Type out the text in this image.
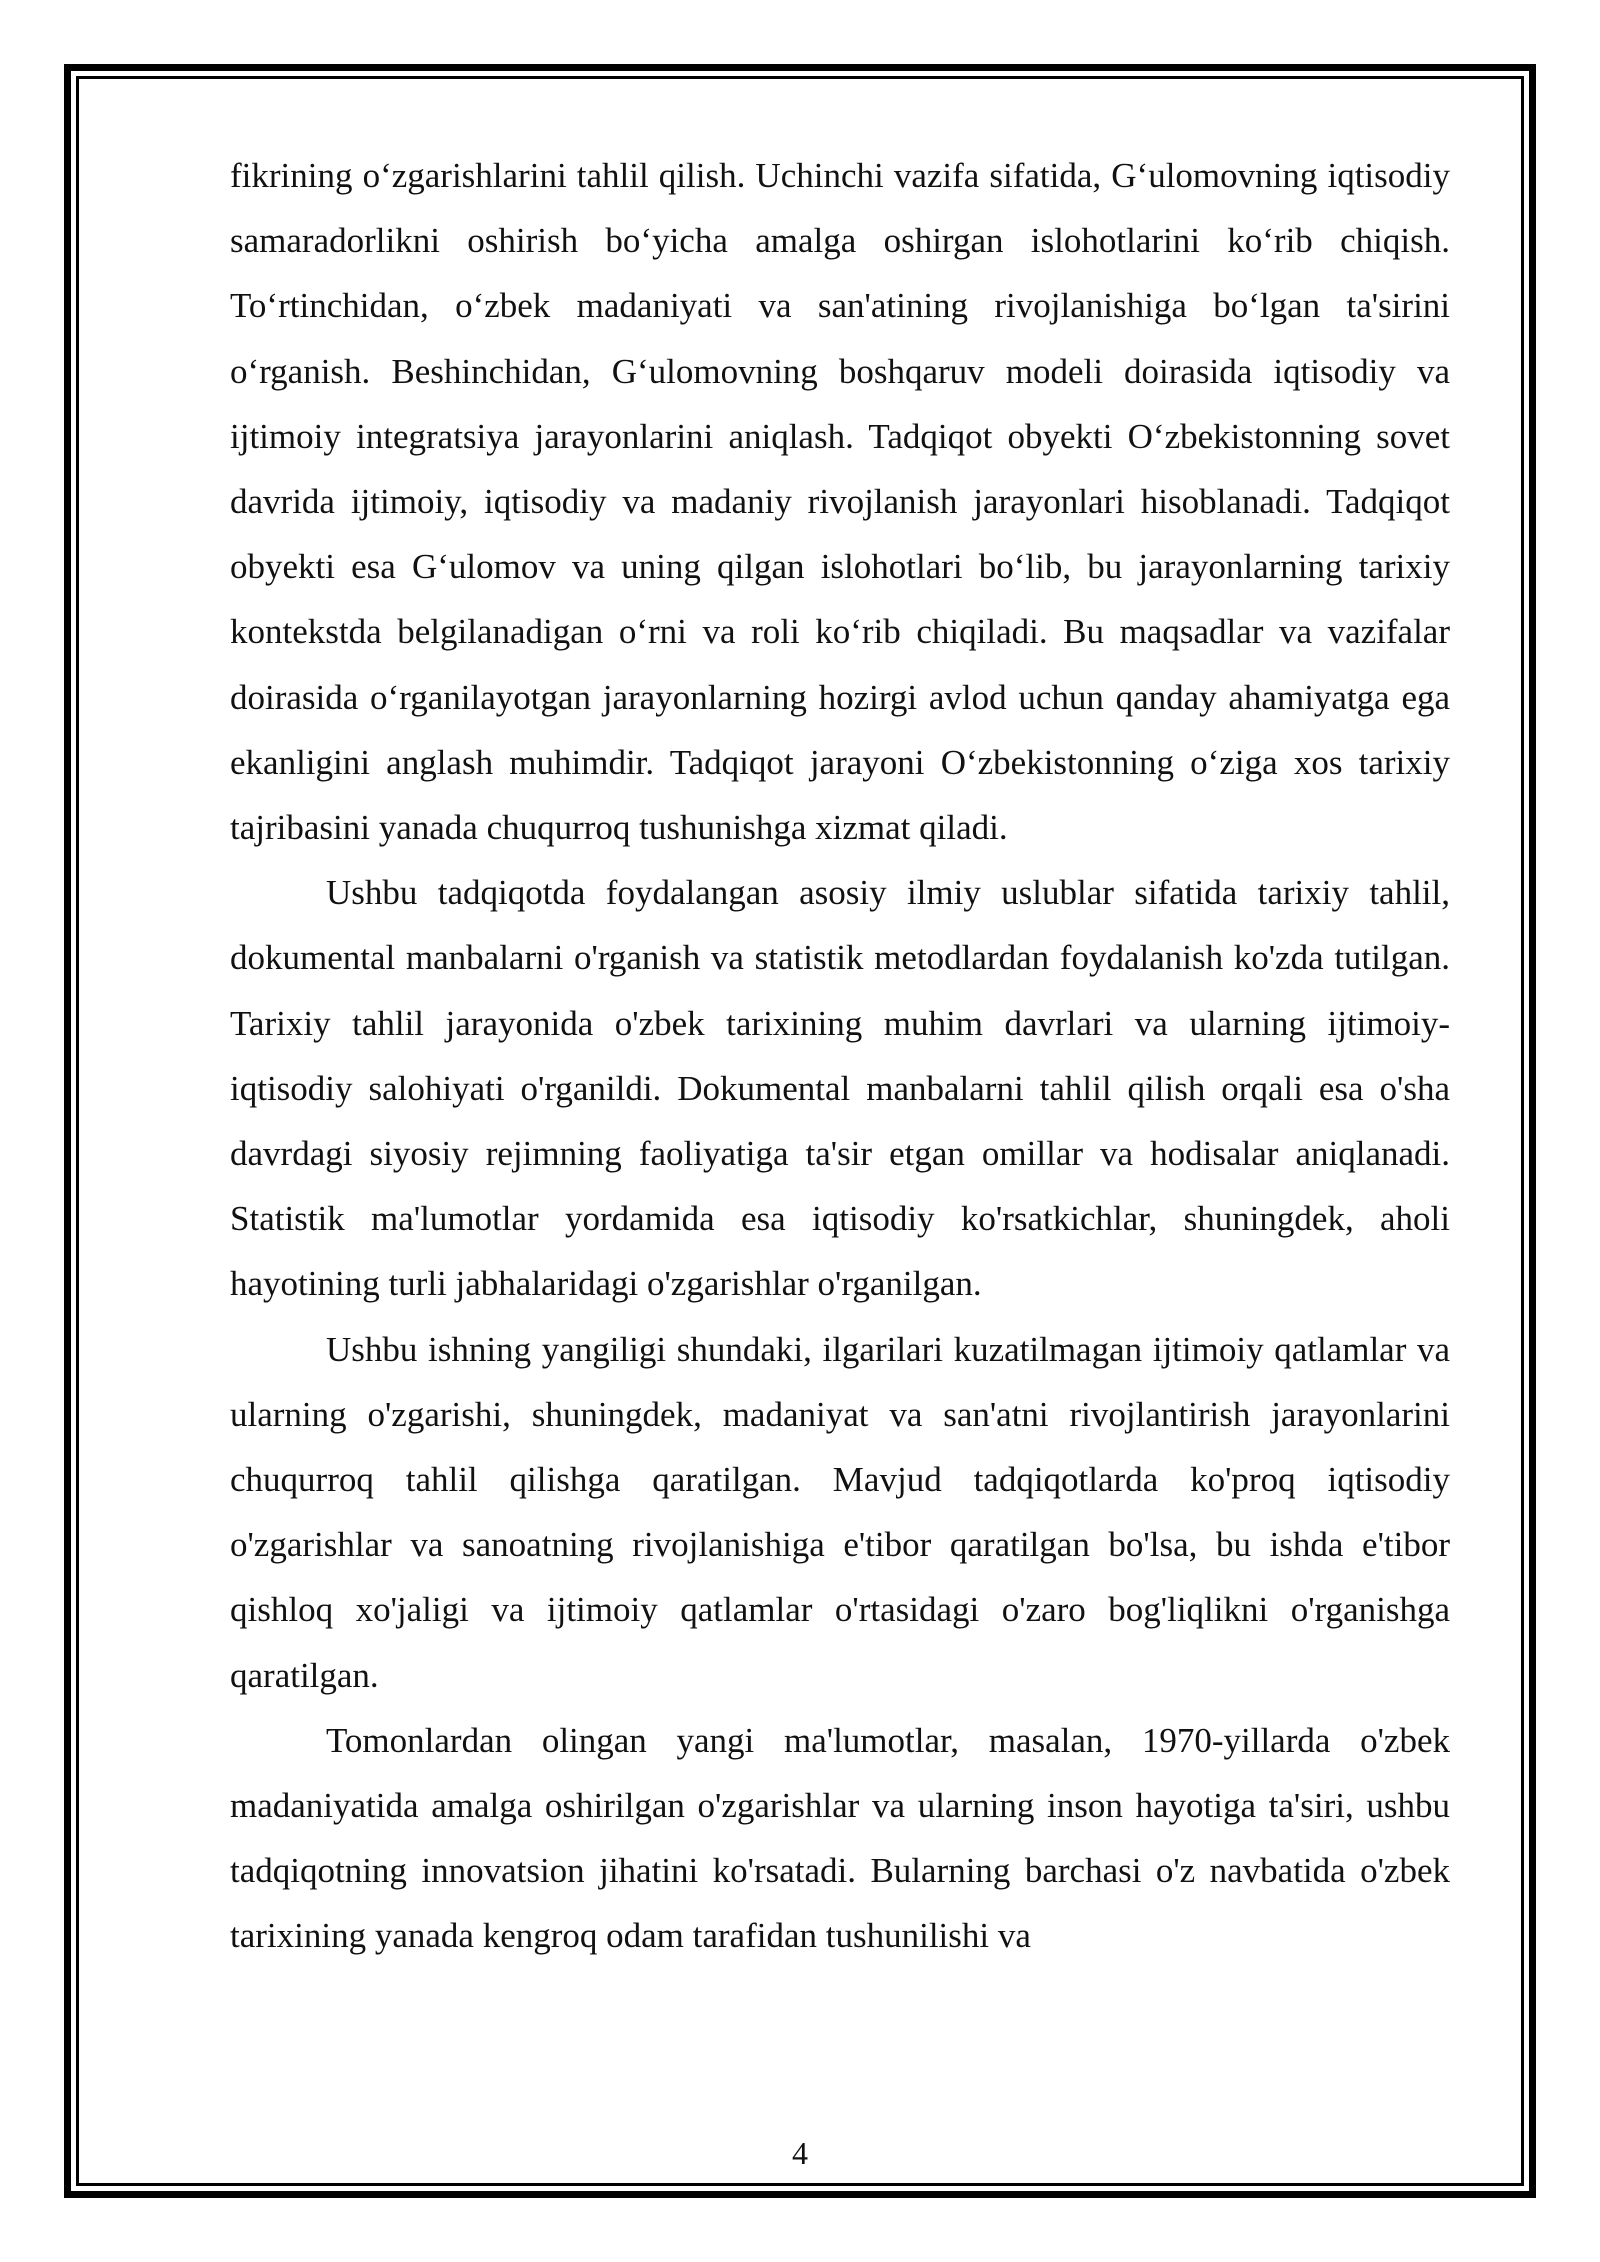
fikrining o‘zgarishlarini tahlil qilish. Uchinchi vazifa sifatida, G‘ulomovning iqtisodiy samaradorlikni oshirish bo‘yicha amalga oshirgan islohotlarini ko‘rib chiqish. To‘rtinchidan, o‘zbek madaniyati va san'atining rivojlanishiga bo‘lgan ta'sirini o‘rganish. Beshinchidan, G‘ulomovning boshqaruv modeli doirasida iqtisodiy va ijtimoiy integratsiya jarayonlarini aniqlash. Tadqiqot obyekti O‘zbekistonning sovet davrida ijtimoiy, iqtisodiy va madaniy rivojlanish jarayonlari hisoblanadi. Tadqiqot obyekti esa G‘ulomov va uning qilgan islohotlari bo‘lib, bu jarayonlarning tarixiy kontekstda belgilanadigan o‘rni va roli ko‘rib chiqiladi. Bu maqsadlar va vazifalar doirasida o‘rganilayotgan jarayonlarning hozirgi avlod uchun qanday ahamiyatga ega ekanligini anglash muhimdir. Tadqiqot jarayoni O‘zbekistonning o‘ziga xos tarixiy tajribasini yanada chuqurroq tushunishga xizmat qiladi.

Ushbu tadqiqotda foydalangan asosiy ilmiy uslublar sifatida tarixiy tahlil, dokumental manbalarni o'rganish va statistik metodlardan foydalanish ko'zda tutilgan. Tarixiy tahlil jarayonida o'zbek tarixining muhim davrlari va ularning ijtimoiy-iqtisodiy salohiyati o'rganildi. Dokumental manbalarni tahlil qilish orqali esa o'sha davrdagi siyosiy rejimning faoliyatiga ta'sir etgan omillar va hodisalar aniqlanadi. Statistik ma'lumotlar yordamida esa iqtisodiy ko'rsatkichlar, shuningdek, aholi hayotining turli jabhalaridagi o'zgarishlar o'rganilgan.

Ushbu ishning yangiligi shundaki, ilgarilari kuzatilmagan ijtimoiy qatlamlar va ularning o'zgarishi, shuningdek, madaniyat va san'atni rivojlantirish jarayonlarini chuqurroq tahlil qilishga qaratilgan. Mavjud tadqiqotlarda ko'proq iqtisodiy o'zgarishlar va sanoatning rivojlanishiga e'tibor qaratilgan bo'lsa, bu ishda e'tibor qishloq xo'jaligi va ijtimoiy qatlamlar o'rtasidagi o'zaro bog'liqlikni o'rganishga qaratilgan.

Tomonlardan olingan yangi ma'lumotlar, masalan, 1970-yillarda o'zbek madaniyatida amalga oshirilgan o'zgarishlar va ularning inson hayotiga ta'siri, ushbu tadqiqotning innovatsion jihatini ko'rsatadi. Bularning barchasi o'z navbatida o'zbek tarixining yanada kengroq odam tarafidan tushunilishi va

4
